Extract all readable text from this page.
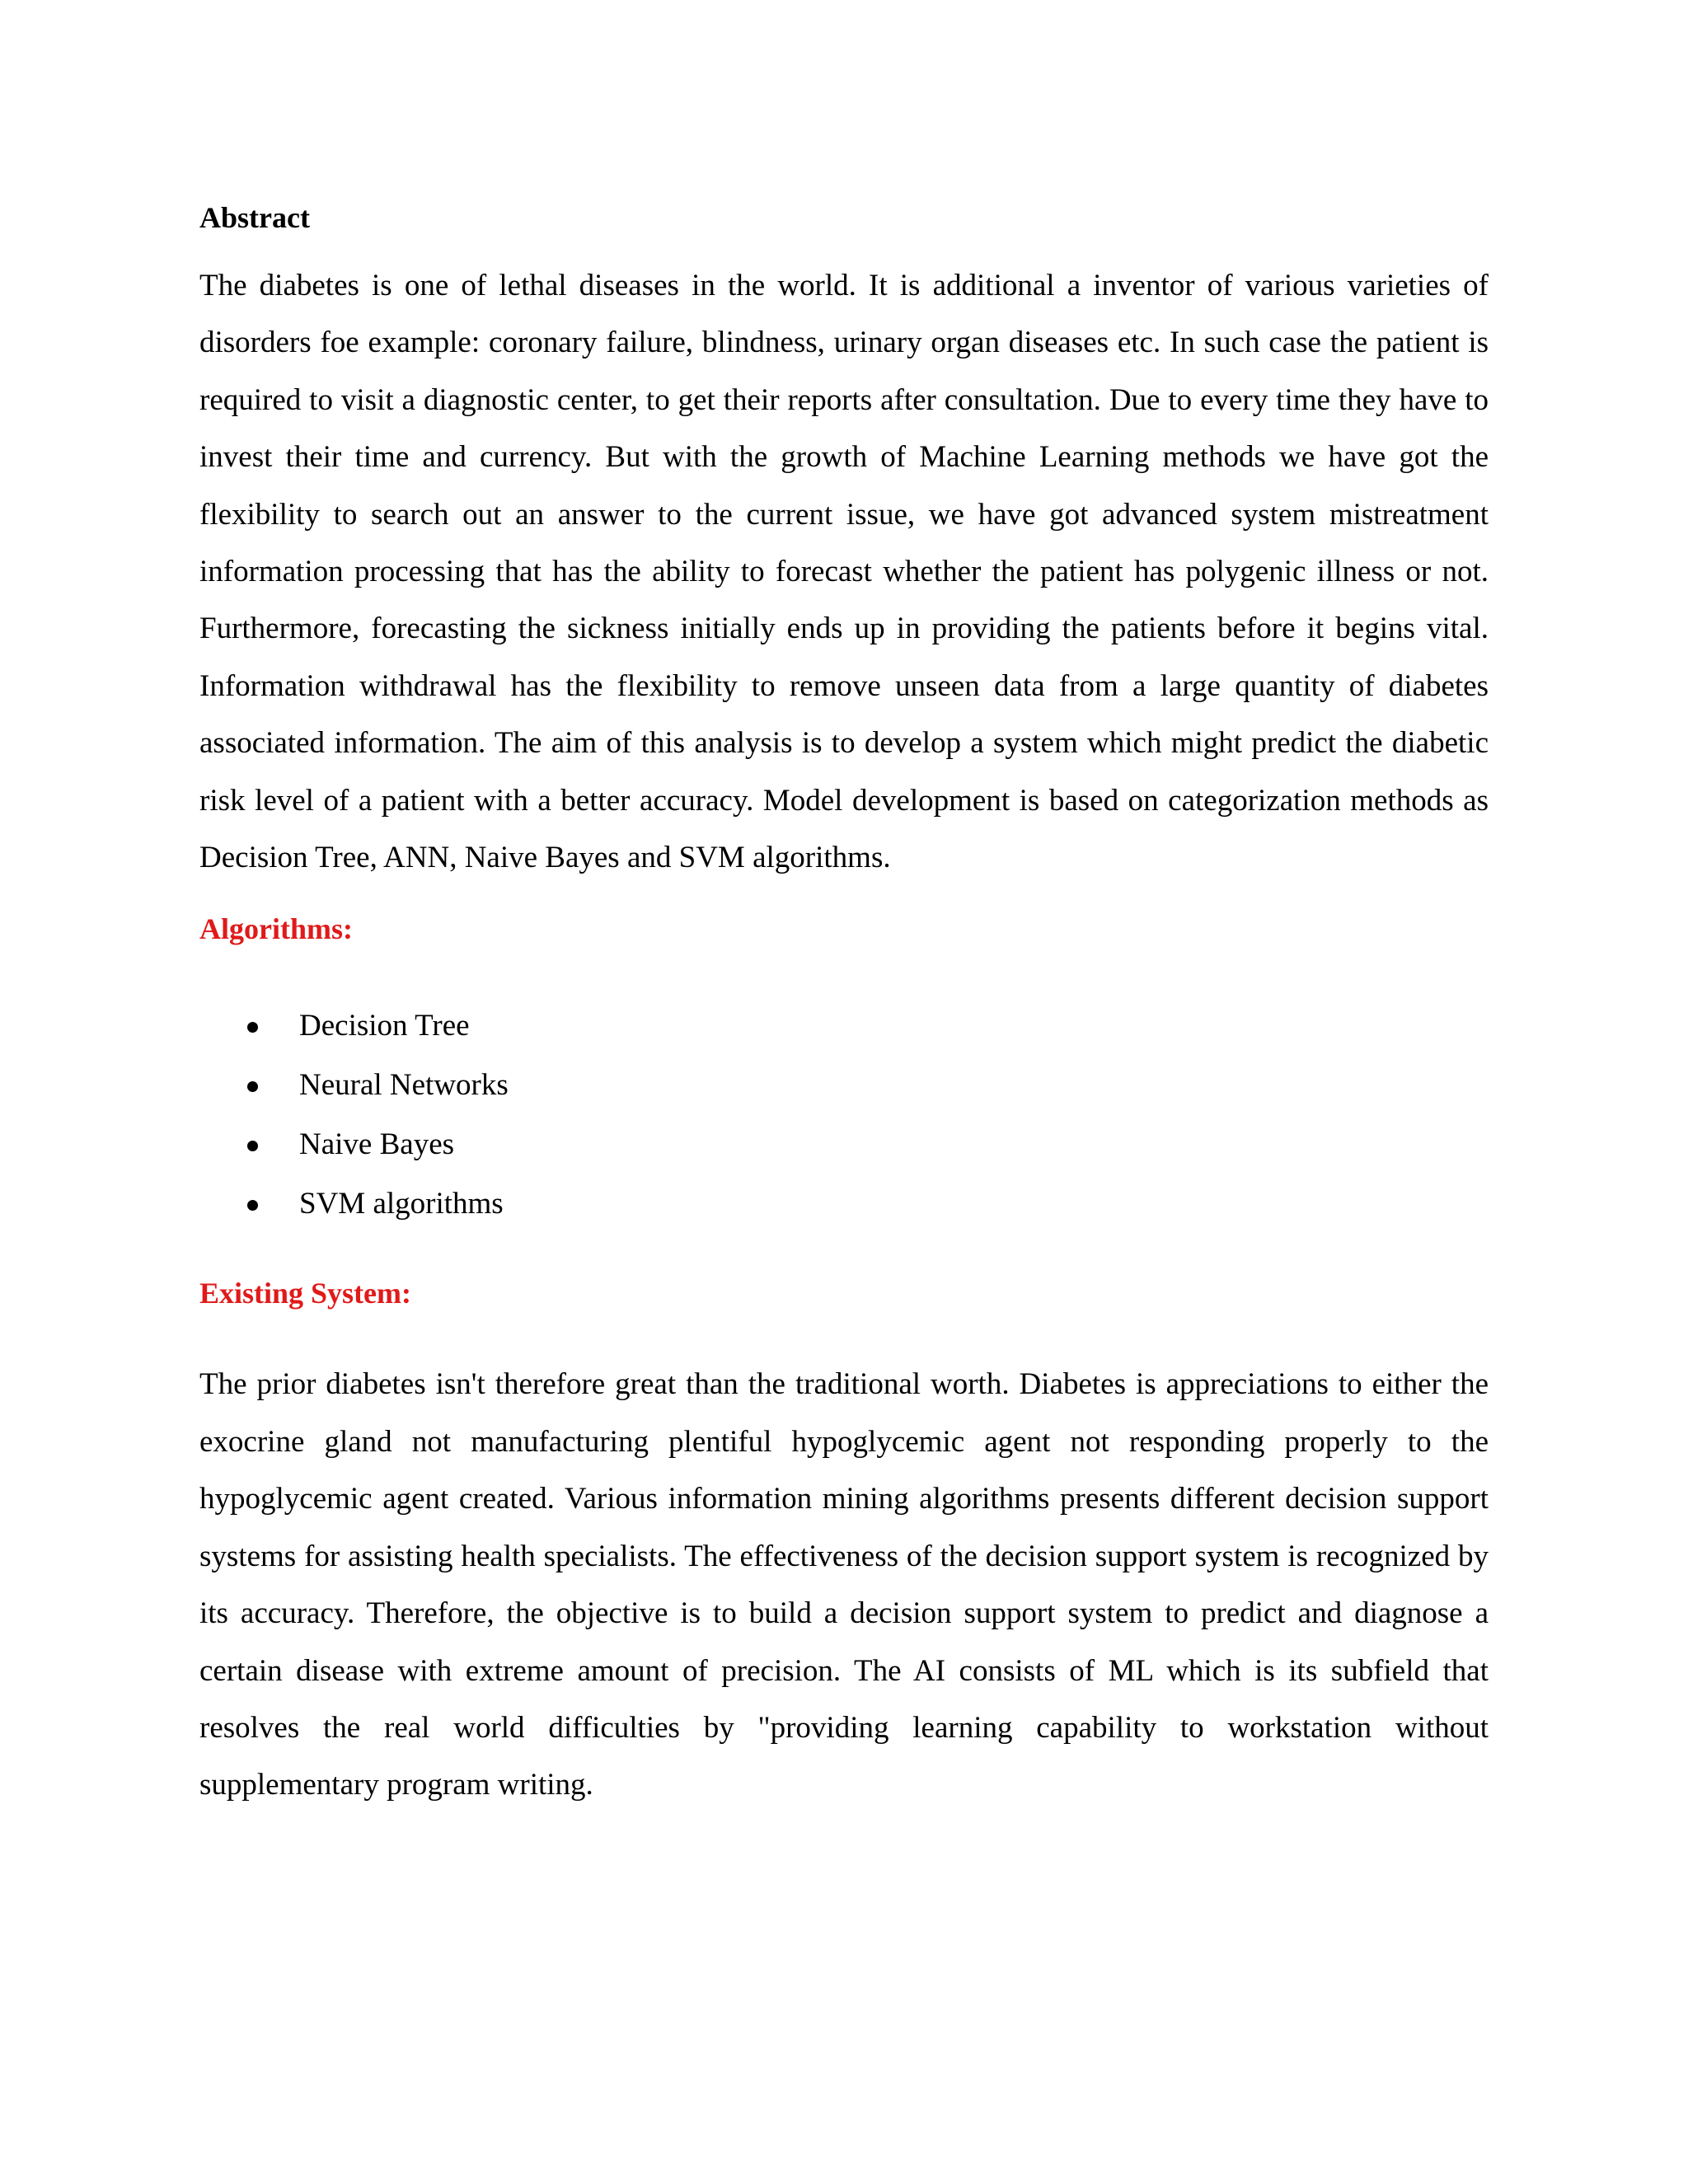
Abstract

The diabetes is one of lethal diseases in the world. It is additional a inventor of various varieties of disorders foe example: coronary failure, blindness, urinary organ diseases etc. In such case the patient is required to visit a diagnostic center, to get their reports after consultation. Due to every time they have to invest their time and currency. But with the growth of Machine Learning methods we have got the flexibility to search out an answer to the current issue, we have got advanced system mistreatment information processing that has the ability to forecast whether the patient has polygenic illness or not. Furthermore, forecasting the sickness initially ends up in providing the patients before it begins vital. Information withdrawal has the flexibility to remove unseen data from a large quantity of diabetes associated information. The aim of this analysis is to develop a system which might predict the diabetic risk level of a patient with a better accuracy. Model development is based on categorization methods as Decision Tree, ANN, Naive Bayes and SVM algorithms.

Algorithms:
Decision Tree
Neural Networks
Naive Bayes
SVM algorithms
Existing System:

The prior diabetes isn't therefore great than the traditional worth. Diabetes is appreciations to either the exocrine gland not manufacturing plentiful hypoglycemic agent not responding properly to the hypoglycemic agent created. Various information mining algorithms presents different decision support systems for assisting health specialists. The effectiveness of the decision support system is recognized by its accuracy. Therefore, the objective is to build a decision support system to predict and diagnose a certain disease with extreme amount of precision. The AI consists of ML which is its subfield that resolves the real world difficulties by "providing learning capability to workstation without supplementary program writing.
